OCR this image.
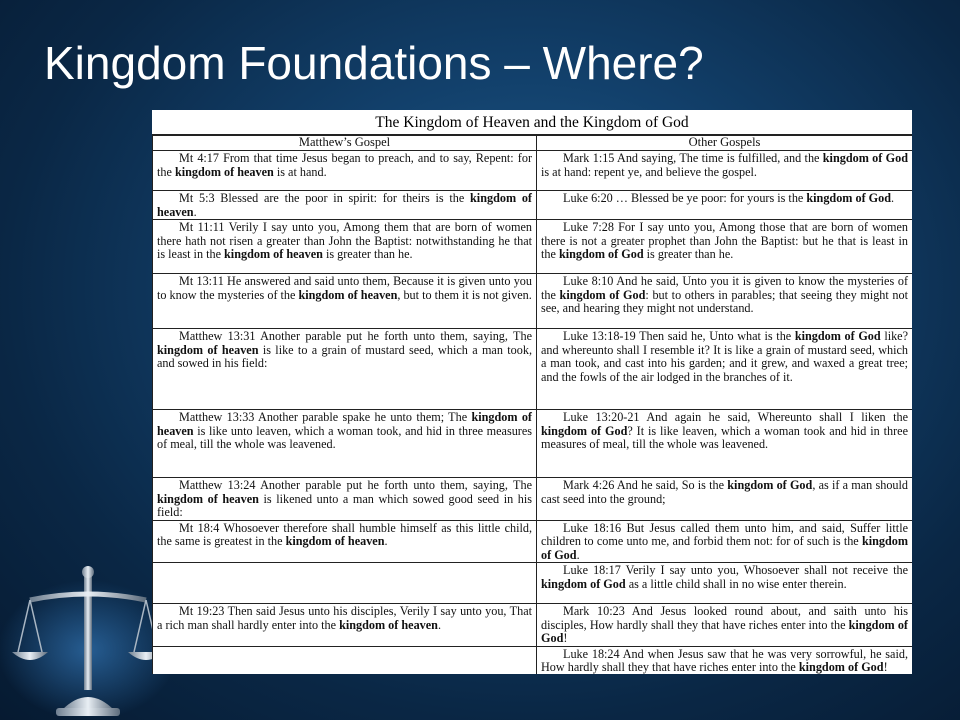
Kingdom Foundations – Where?
The Kingdom of Heaven and the Kingdom of God
Matthew’s Gospel	Other Gospels
Mt 4:17 From that time Jesus began to preach, and to say, Repent: for the kingdom of heaven is at hand.	Mark 1:15 And saying, The time is fulfilled, and the kingdom of God is at hand: repent ye, and believe the gospel.
Mt 5:3 Blessed are the poor in spirit: for theirs is the kingdom of heaven.	Luke 6:20 … Blessed be ye poor: for yours is the kingdom of God.
Mt 11:11 Verily I say unto you, Among them that are born of women there hath not risen a greater than John the Baptist: notwithstanding he that is least in the kingdom of heaven is greater than he.	Luke 7:28 For I say unto you, Among those that are born of women there is not a greater prophet than John the Baptist: but he that is least in the kingdom of God is greater than he.
Mt 13:11 He answered and said unto them, Because it is given unto you to know the mysteries of the kingdom of heaven, but to them it is not given.	Luke 8:10 And he said, Unto you it is given to know the mysteries of the kingdom of God: but to others in parables; that seeing they might not see, and hearing they might not understand.
Matthew 13:31 Another parable put he forth unto them, saying, The kingdom of heaven is like to a grain of mustard seed, which a man took, and sowed in his field:	Luke 13:18-19 Then said he, Unto what is the kingdom of God like? and whereunto shall I resemble it? It is like a grain of mustard seed, which a man took, and cast into his garden; and it grew, and waxed a great tree; and the fowls of the air lodged in the branches of it.
Matthew 13:33 Another parable spake he unto them; The kingdom of heaven is like unto leaven, which a woman took, and hid in three measures of meal, till the whole was leavened.	Luke 13:20-21 And again he said, Whereunto shall I liken the kingdom of God? It is like leaven, which a woman took and hid in three measures of meal, till the whole was leavened.
Matthew 13:24 Another parable put he forth unto them, saying, The kingdom of heaven is likened unto a man which sowed good seed in his field:	Mark 4:26 And he said, So is the kingdom of God, as if a man should cast seed into the ground;
Mt 18:4 Whosoever therefore shall humble himself as this little child, the same is greatest in the kingdom of heaven.	Luke 18:16 But Jesus called them unto him, and said, Suffer little children to come unto me, and forbid them not: for of such is the kingdom of God.
	Luke 18:17 Verily I say unto you, Whosoever shall not receive the kingdom of God as a little child shall in no wise enter therein.
Mt 19:23 Then said Jesus unto his disciples, Verily I say unto you, That a rich man shall hardly enter into the kingdom of heaven.	Mark 10:23 And Jesus looked round about, and saith unto his disciples, How hardly shall they that have riches enter into the kingdom of God!
	Luke 18:24 And when Jesus saw that he was very sorrowful, he said, How hardly shall they that have riches enter into the kingdom of God!
